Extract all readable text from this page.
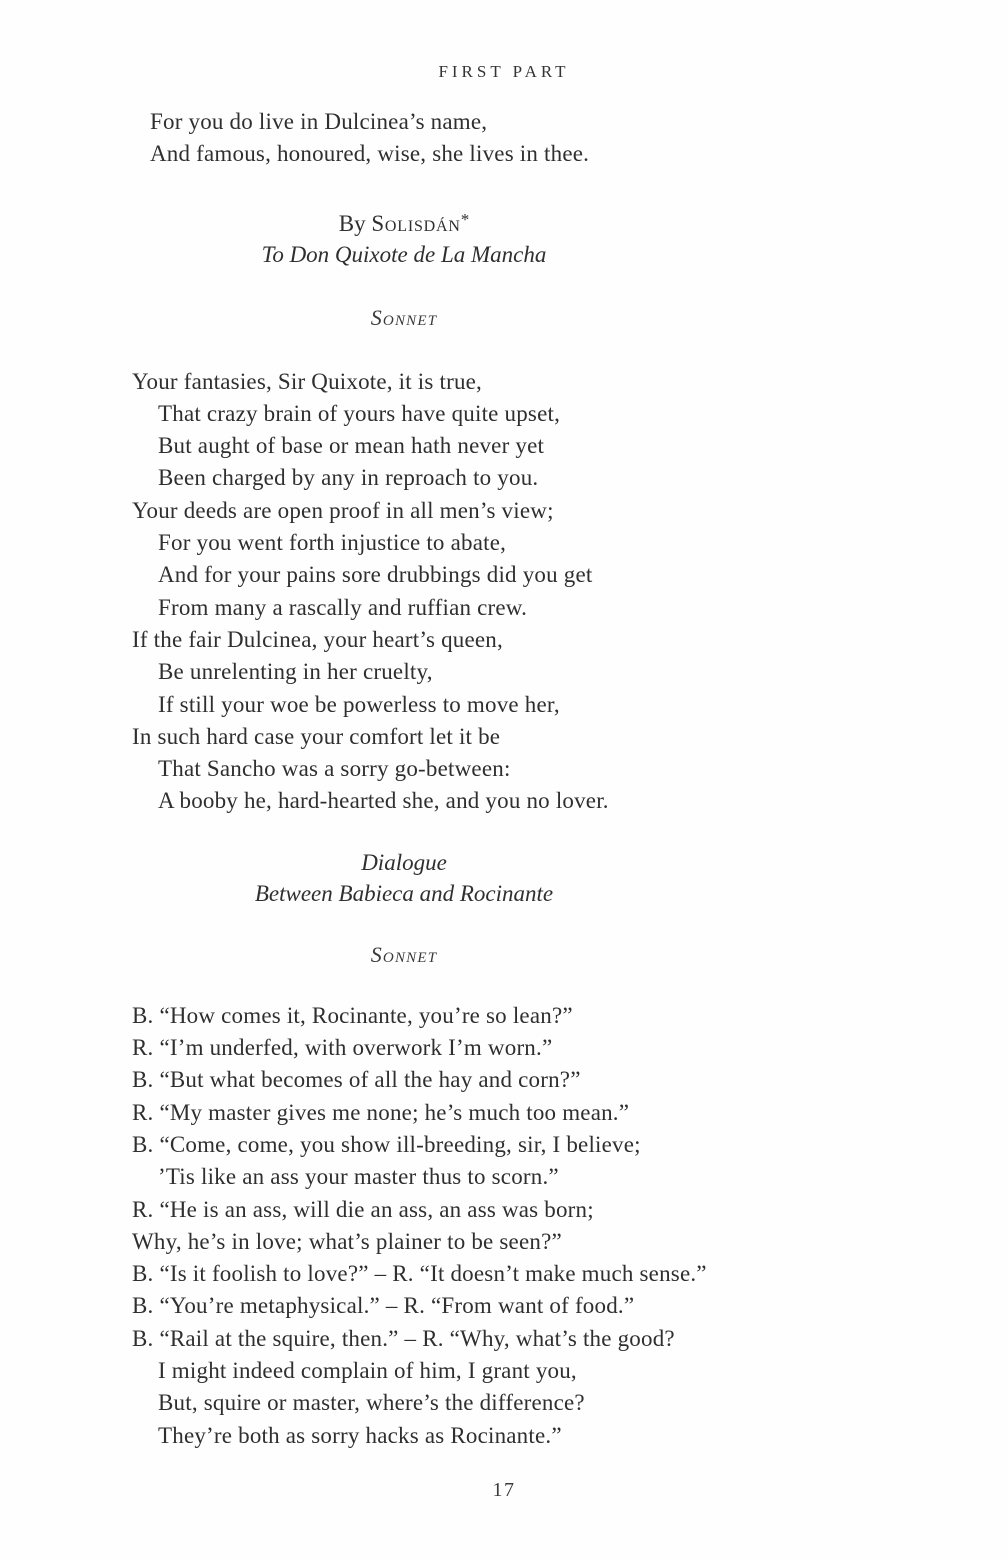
FIRST PART
For you do live in Dulcinea’s name,
And famous, honoured, wise, she lives in thee.
By Solisdán*
To Don Quixote de La Mancha
Sonnet
Your fantasies, Sir Quixote, it is true,
That crazy brain of yours have quite upset,
But aught of base or mean hath never yet
Been charged by any in reproach to you.
Your deeds are open proof in all men’s view;
For you went forth injustice to abate,
And for your pains sore drubbings did you get
From many a rascally and ruffian crew.
If the fair Dulcinea, your heart’s queen,
Be unrelenting in her cruelty,
If still your woe be powerless to move her,
In such hard case your comfort let it be
That Sancho was a sorry go-between:
A booby he, hard-hearted she, and you no lover.
Dialogue
Between Babieca and Rocinante
Sonnet
B. “How comes it, Rocinante, you’re so lean?”
R. “I’m underfed, with overwork I’m worn.”
B. “But what becomes of all the hay and corn?”
R. “My master gives me none; he’s much too mean.”
B. “Come, come, you show ill-breeding, sir, I believe;
’Tis like an ass your master thus to scorn.”
R. “He is an ass, will die an ass, an ass was born;
Why, he’s in love; what’s plainer to be seen?”
B. “Is it foolish to love?” – R. “It doesn’t make much sense.”
B. “You’re metaphysical.” – R. “From want of food.”
B. “Rail at the squire, then.” – R. “Why, what’s the good?
I might indeed complain of him, I grant you,
But, squire or master, where’s the difference?
They’re both as sorry hacks as Rocinante.”
17
